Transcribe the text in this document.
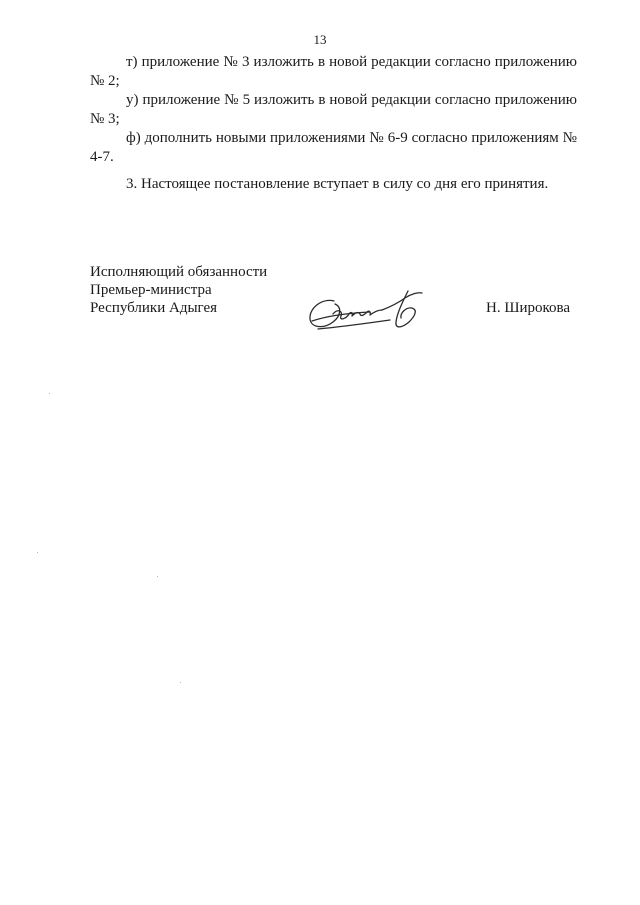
13

т) приложение № 3 изложить в новой редакции согласно приложению № 2;

у) приложение № 5 изложить в новой редакции согласно приложению № 3;

ф) дополнить новыми приложениями № 6-9 согласно приложениям № 4-7.

3. Настоящее постановление вступает в силу со дня его принятия.

Исполняющий обязанности
Премьер-министра
Республики Адыгея	Н. Широкова
